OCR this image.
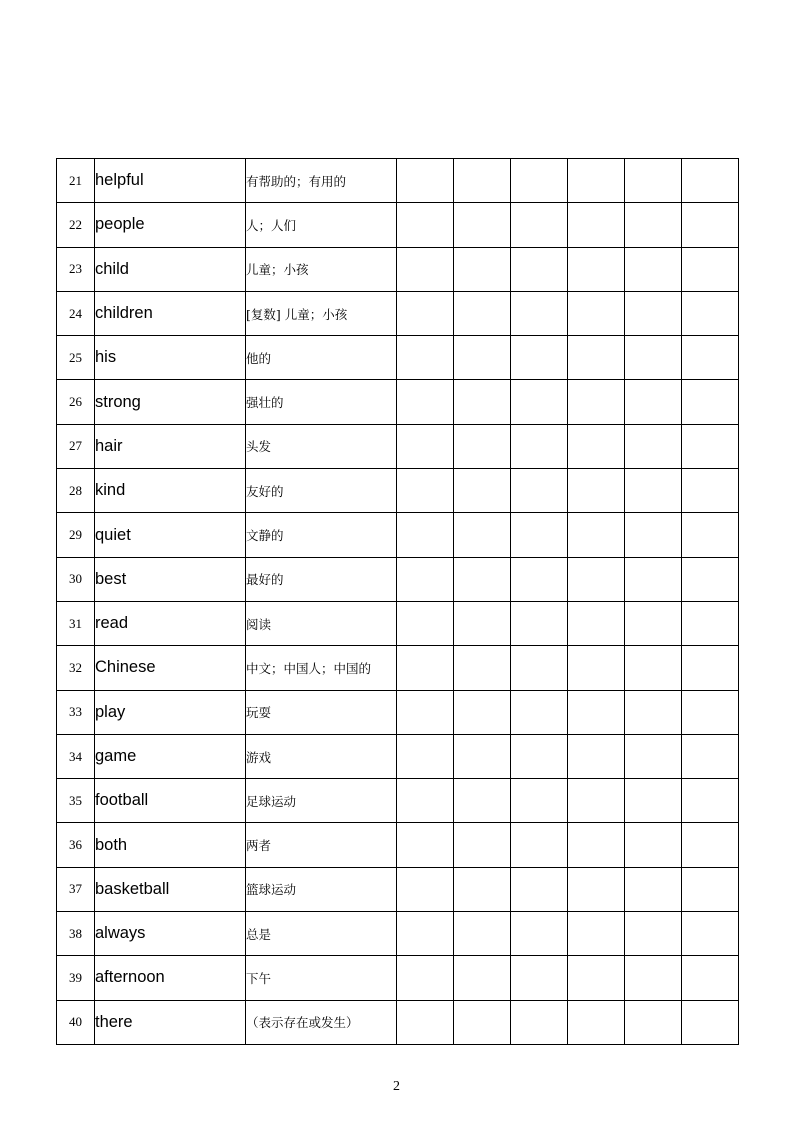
21	helpful	有帮助的；有用的						
22	people	人；人们						
23	child	儿童；小孩						
24	children	[复数] 儿童；小孩						
25	his	他的						
26	strong	强壮的						
27	hair	头发						
28	kind	友好的						
29	quiet	文静的						
30	best	最好的						
31	read	阅读						
32	Chinese	中文；中国人；中国的						
33	play	玩耍						
34	game	游戏						
35	football	足球运动						
36	both	两者						
37	basketball	篮球运动						
38	always	总是						
39	afternoon	下午						
40	there	（表示存在或发生）						
2
